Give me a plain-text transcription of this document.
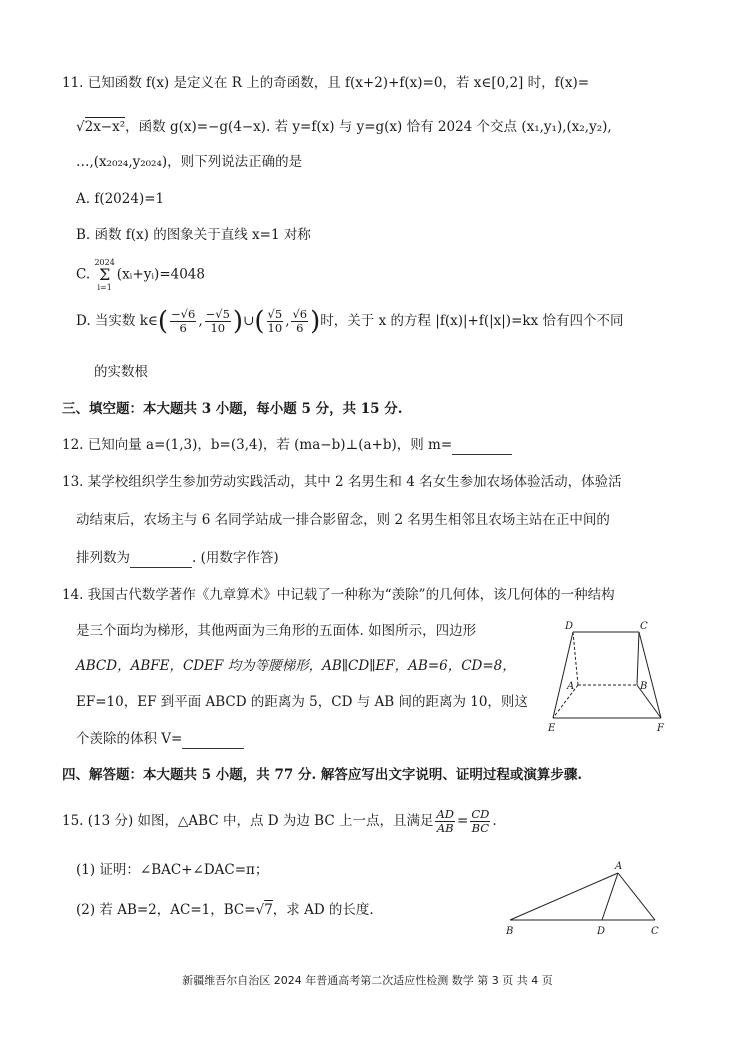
11. 已知函数 f(x) 是定义在 R 上的奇函数，且 f(x+2)+f(x)=0，若 x∈[0,2] 时，f(x)=
√2x−x²，函数 g(x)=−g(4−x). 若 y=f(x) 与 y=g(x) 恰有 2024 个交点 (x₁,y₁),(x₂,y₂),
…,(x₂₀₂₄,y₂₀₂₄)，则下列说法正确的是
A. f(2024)=1
B. 函数 f(x) 的图象关于直线 x=1 对称
C.
2024
Σ
i=1
(xᵢ+yᵢ)=4048
D. 当实数 k∈( $\frac{-√6}{6}$ , $\frac{-√5}{10}$ )∪( $\frac{√5}{10}$ , $\frac{√6}{6}$ )时，关于 x 的方程 |f(x)|+f(|x|)=kx 恰有四个不同
的实数根
三、填空题：本大题共 3 小题，每小题 5 分，共 15 分.
12. 已知向量 a=(1,3)，b=(3,4)，若 (ma−b)⊥(a+b)，则 m=
13. 某学校组织学生参加劳动实践活动，其中 2 名男生和 4 名女生参加农场体验活动，体验活
动结束后，农场主与 6 名同学站成一排合影留念，则 2 名男生相邻且农场主站在正中间的
排列数为	. (用数字作答)
14. 我国古代数学著作《九章算术》中记载了一种称为“羡除”的几何体，该几何体的一种结构
是三个面均为梯形，其他两面为三角形的五面体. 如图所示，四边形
ABCD，ABFE，CDEF 均为等腰梯形，AB∥CD∥EF，AB=6，CD=8，
EF=10，EF 到平面 ABCD 的距离为 5，CD 与 AB 间的距离为 10，则这
个羡除的体积 V=
D	C
A	B
E	F
四、解答题：本大题共 5 小题，共 77 分. 解答应写出文字说明、证明过程或演算步骤.
15. (13 分) 如图，△ABC 中，点 D 为边 BC 上一点，且满足 $\frac{AD}{AB} = \frac{CD}{BC}$ .
(1) 证明：∠BAC+∠DAC=π；
(2) 若 AB=2，AC=1，BC=√7，求 AD 的长度.
A
B	D	C
新疆维吾尔自治区 2024 年普通高考第二次适应性检测 数学 第 3 页 共 4 页
